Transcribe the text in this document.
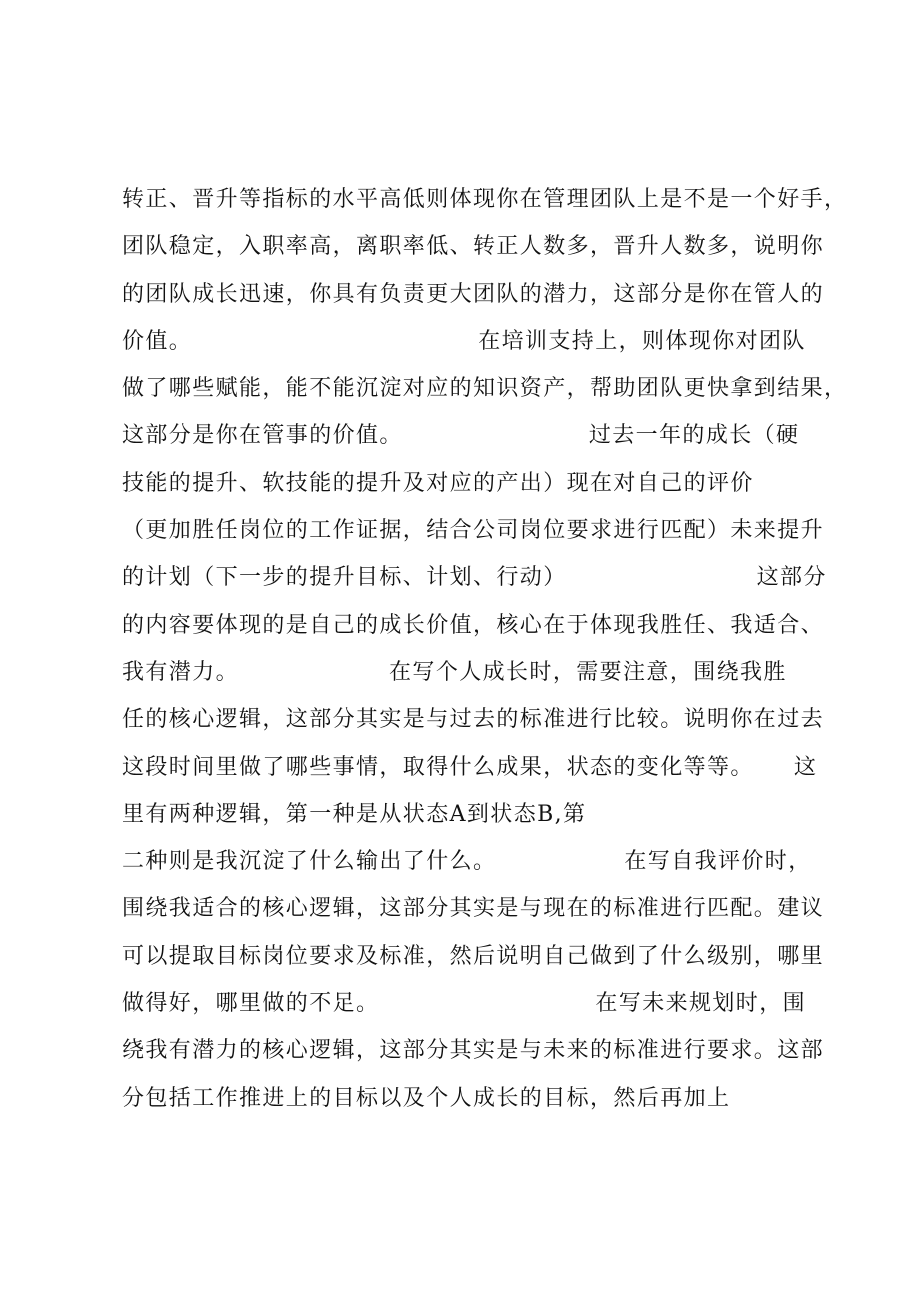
转正、晋升等指标的水平高低则体现你在管理团队上是不是一个好手，
团队稳定，入职率高，离职率低、转正人数多，晋升人数多，说明你
的团队成长迅速，你具有负责更大团队的潜力，这部分是你在管人的
价值。	在培训支持上，则体现你对团队
做了哪些赋能，能不能沉淀对应的知识资产，帮助团队更快拿到结果，
这部分是你在管事的价值。	过去一年的成长（硬
技能的提升、软技能的提升及对应的产出）现在对自己的评价
（更加胜任岗位的工作证据，结合公司岗位要求进行匹配）未来提升
的计划（下一步的提升目标、计划、行动）	这部分
的内容要体现的是自己的成长价值，核心在于体现我胜任、我适合、
我有潜力。	在写个人成长时，需要注意，围绕我胜
任的核心逻辑，这部分其实是与过去的标准进行比较。说明你在过去
这段时间里做了哪些事情，取得什么成果，状态的变化等等。 这
里有两种逻辑，第一种是从状态A到状态B,第
二种则是我沉淀了什么输出了什么。	在写自我评价时，
围绕我适合的核心逻辑，这部分其实是与现在的标准进行匹配。建议
可以提取目标岗位要求及标准，然后说明自己做到了什么级别，哪里
做得好，哪里做的不足。	在写未来规划时，围
绕我有潜力的核心逻辑，这部分其实是与未来的标准进行要求。这部
分包括工作推进上的目标以及个人成长的目标，然后再加上
